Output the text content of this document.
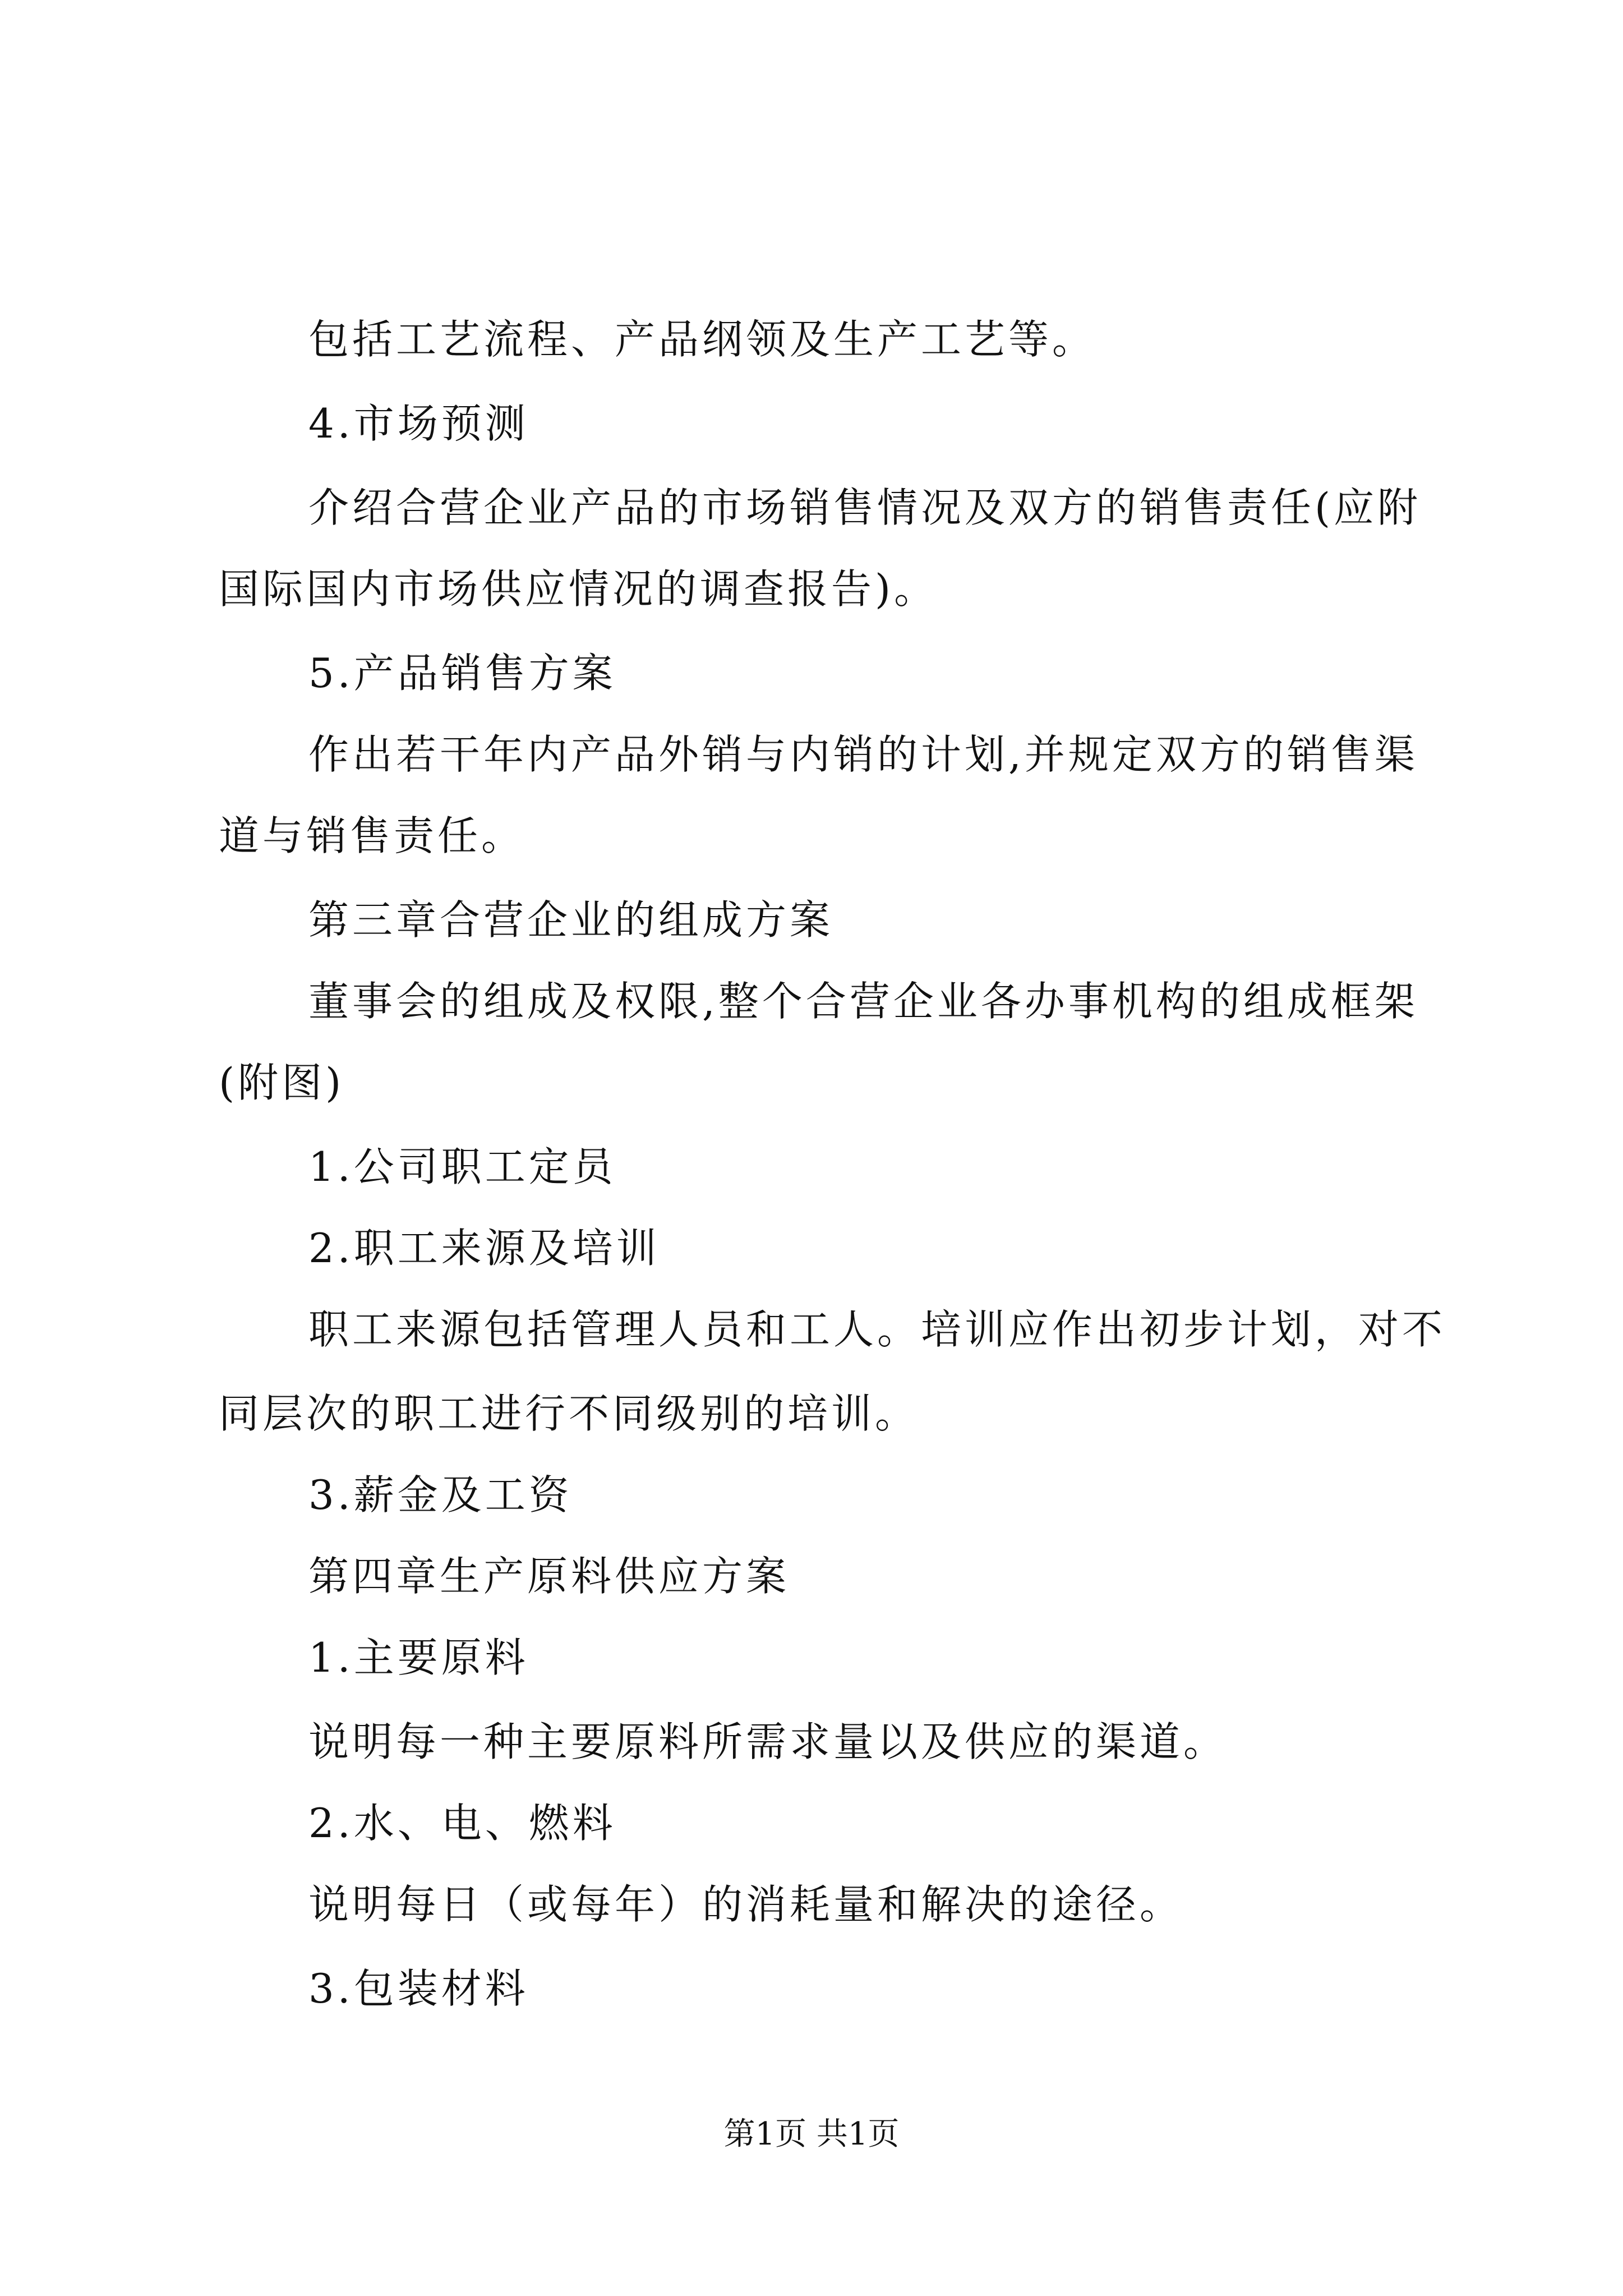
包括工艺流程、产品纲领及生产工艺等。
4.市场预测
介绍合营企业产品的市场销售情况及双方的销售责任(应附
国际国内市场供应情况的调查报告)。
5.产品销售方案
作出若干年内产品外销与内销的计划,并规定双方的销售渠
道与销售责任。
第三章合营企业的组成方案
董事会的组成及权限,整个合营企业各办事机构的组成框架
(附图)
1.公司职工定员
2.职工来源及培训
职工来源包括管理人员和工人。培训应作出初步计划，对不
同层次的职工进行不同级别的培训。
3.薪金及工资
第四章生产原料供应方案
1.主要原料
说明每一种主要原料所需求量以及供应的渠道。
2.水、电、燃料
说明每日（或每年）的消耗量和解决的途径。
3.包装材料
第1页 共1页
